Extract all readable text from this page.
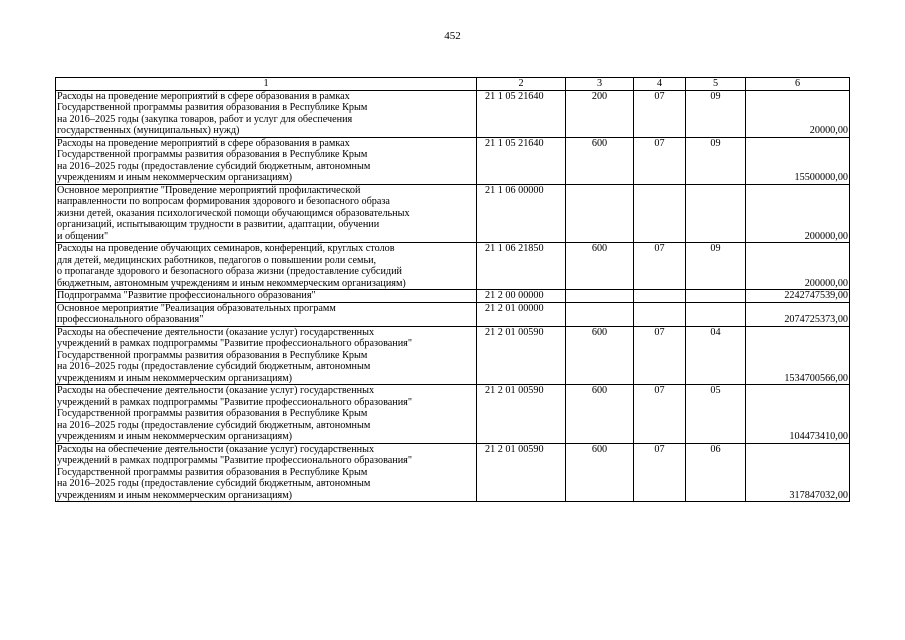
452
1	2	3	4	5	6
Расходы на проведение мероприятий в сфере образования в рамках
Государственной программы развития образования в Республике Крым
на 2016–2025 годы (закупка товаров, работ и услуг для обеспечения
государственных (муниципальных) нужд)	21 1 05 21640	200	07	09	20000,00
Расходы на проведение мероприятий в сфере образования в рамках
Государственной программы развития образования в Республике Крым
на 2016–2025 годы (предоставление субсидий бюджетным, автономным
учреждениям и иным некоммерческим организациям)	21 1 05 21640	600	07	09	15500000,00
Основное мероприятие "Проведение мероприятий профилактической
направленности по вопросам формирования здорового и безопасного образа
жизни детей, оказания психологической помощи обучающимся образовательных
организаций, испытывающим трудности в развитии, адаптации, обучении
и общении"	21 1 06 00000				200000,00
Расходы на проведение обучающих семинаров, конференций, круглых столов
для детей, медицинских работников, педагогов о повышении роли семьи,
о пропаганде здорового и безопасного образа жизни (предоставление субсидий
бюджетным, автономным учреждениям и иным некоммерческим организациям)	21 1 06 21850	600	07	09	200000,00
Подпрограмма "Развитие профессионального образования"	21 2 00 00000				2242747539,00
Основное мероприятие "Реализация образовательных программ
профессионального образования"	21 2 01 00000				2074725373,00
Расходы на обеспечение деятельности (оказание услуг) государственных
учреждений в рамках подпрограммы "Развитие профессионального образования"
Государственной программы развития образования в Республике Крым
на 2016–2025 годы (предоставление субсидий бюджетным, автономным
учреждениям и иным некоммерческим организациям)	21 2 01 00590	600	07	04	1534700566,00
Расходы на обеспечение деятельности (оказание услуг) государственных
учреждений в рамках подпрограммы "Развитие профессионального образования"
Государственной программы развития образования в Республике Крым
на 2016–2025 годы (предоставление субсидий бюджетным, автономным
учреждениям и иным некоммерческим организациям)	21 2 01 00590	600	07	05	104473410,00
Расходы на обеспечение деятельности (оказание услуг) государственных
учреждений в рамках подпрограммы "Развитие профессионального образования"
Государственной программы развития образования в Республике Крым
на 2016–2025 годы (предоставление субсидий бюджетным, автономным
учреждениям и иным некоммерческим организациям)	21 2 01 00590	600	07	06	317847032,00
